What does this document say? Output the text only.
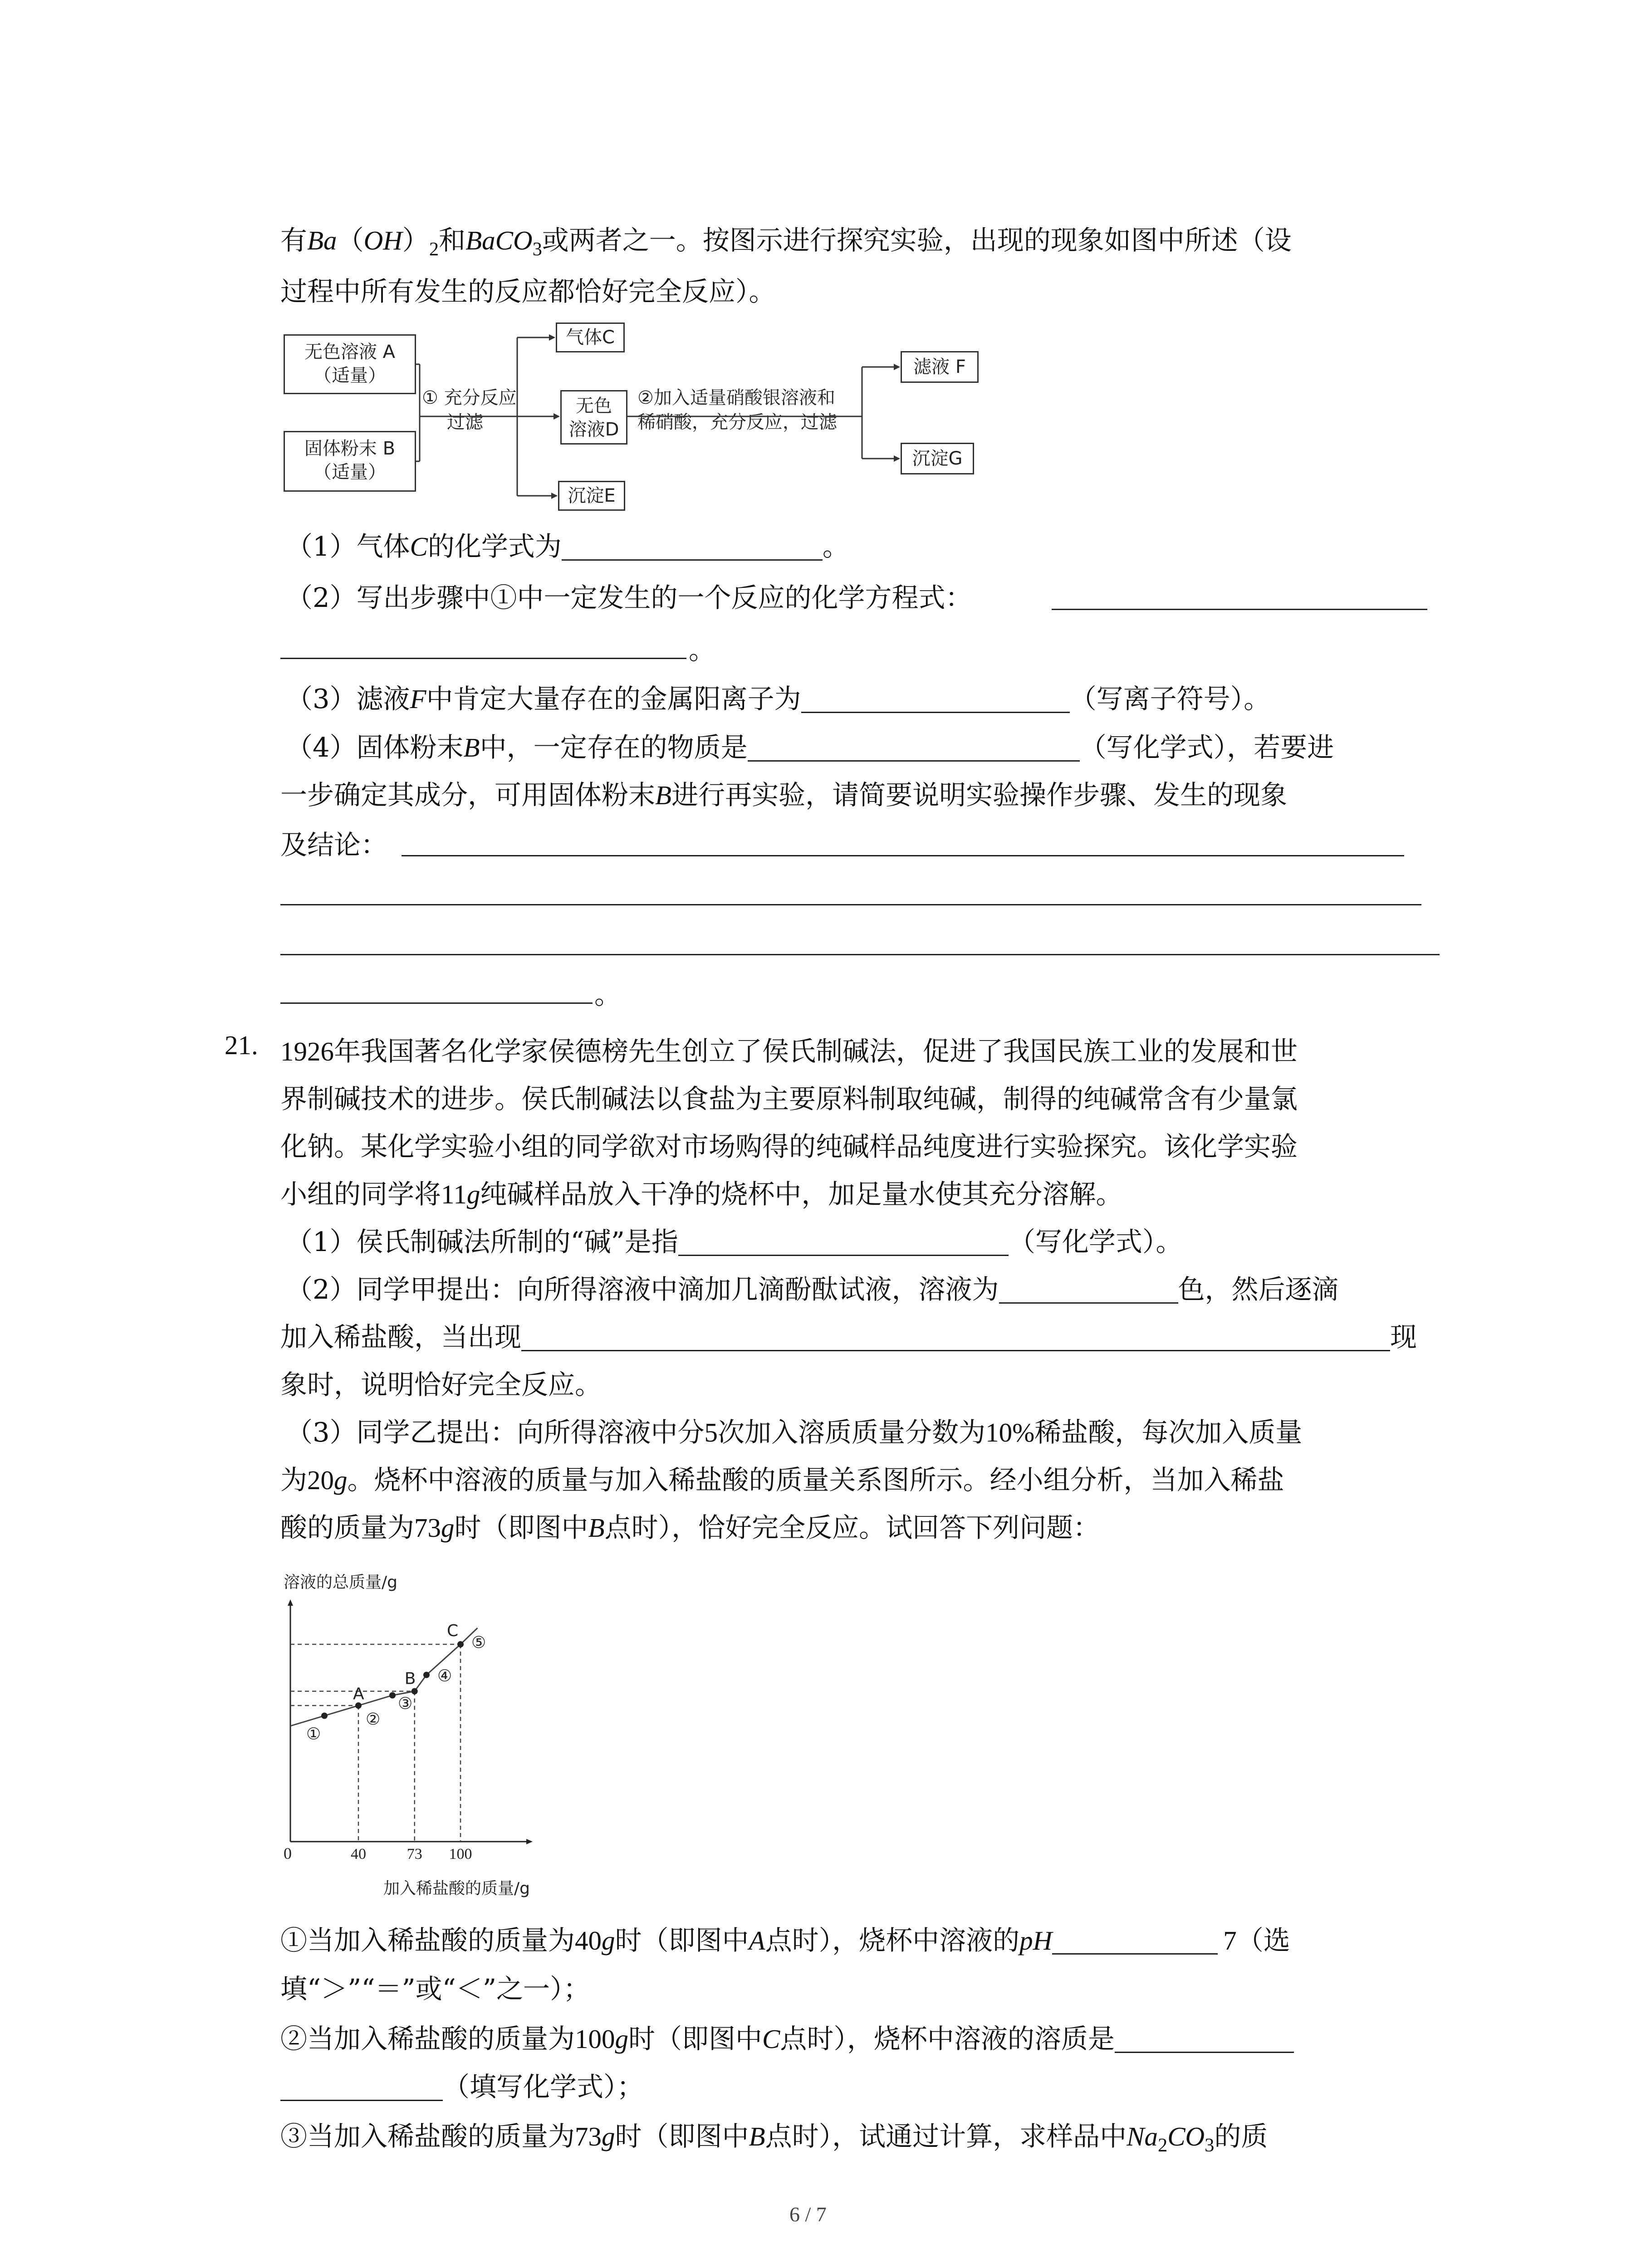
有$Ba(OH)_2$和BaCO$_3$或两者之一。按图示进行探究实验，出现的现象如图中所述（设
过程中所有发生的反应都恰好完全反应）。
无色溶液 A
（适量）
固体粉末 B
（适量）
气体C
无色
溶液D
沉淀E
滤液 F
沉淀G
① 充分反应
过滤
②加入适量硝酸银溶液和
稀硝酸，充分反应，过滤
（1）气体C的化学式为	。
（2）写出步骤中①中一定发生的一个反应的化学方程式：
。
（3）滤液F中肯定大量存在的金属阳离子为	（写离子符号）。
（4）固体粉末B中，一定存在的物质是	（写化学式），若要进
一步确定其成分，可用固体粉末B进行再实验，请简要说明实验操作步骤、发生的现象
及结论：
。
21. 1926年我国著名化学家侯德榜先生创立了侯氏制碱法，促进了我国民族工业的发展和世
界制碱技术的进步。侯氏制碱法以食盐为主要原料制取纯碱，制得的纯碱常含有少量氯
化钠。某化学实验小组的同学欲对市场购得的纯碱样品纯度进行实验探究。该化学实验
小组的同学将11g纯碱样品放入干净的烧杯中，加足量水使其充分溶解。
（1）侯氏制碱法所制的“碱”是指	（写化学式）。
（2）同学甲提出：向所得溶液中滴加几滴酚酞试液，溶液为	色，然后逐滴
加入稀盐酸，当出现	现
象时，说明恰好完全反应。
（3）同学乙提出：向所得溶液中分5次加入溶质质量分数为10%稀盐酸，每次加入质量
为20g。烧杯中溶液的质量与加入稀盐酸的质量关系图所示。经小组分析，当加入稀盐
酸的质量为73g时（即图中B点时），恰好完全反应。试回答下列问题：
溶液的总质量/g
加入稀盐酸的质量/g
0	40	73 100
①
A
②
③
B ④
C
⑤
①当加入稀盐酸的质量为40g时（即图中A点时），烧杯中溶液的pH	7（选
填“＞”“＝”或“＜”之一）；
②当加入稀盐酸的质量为100g时（即图中C点时），烧杯中溶液的溶质是
（填写化学式）；
③当加入稀盐酸的质量为73g时（即图中B点时），试通过计算，求样品中$Na_2CO_3$的质
6 / 7
